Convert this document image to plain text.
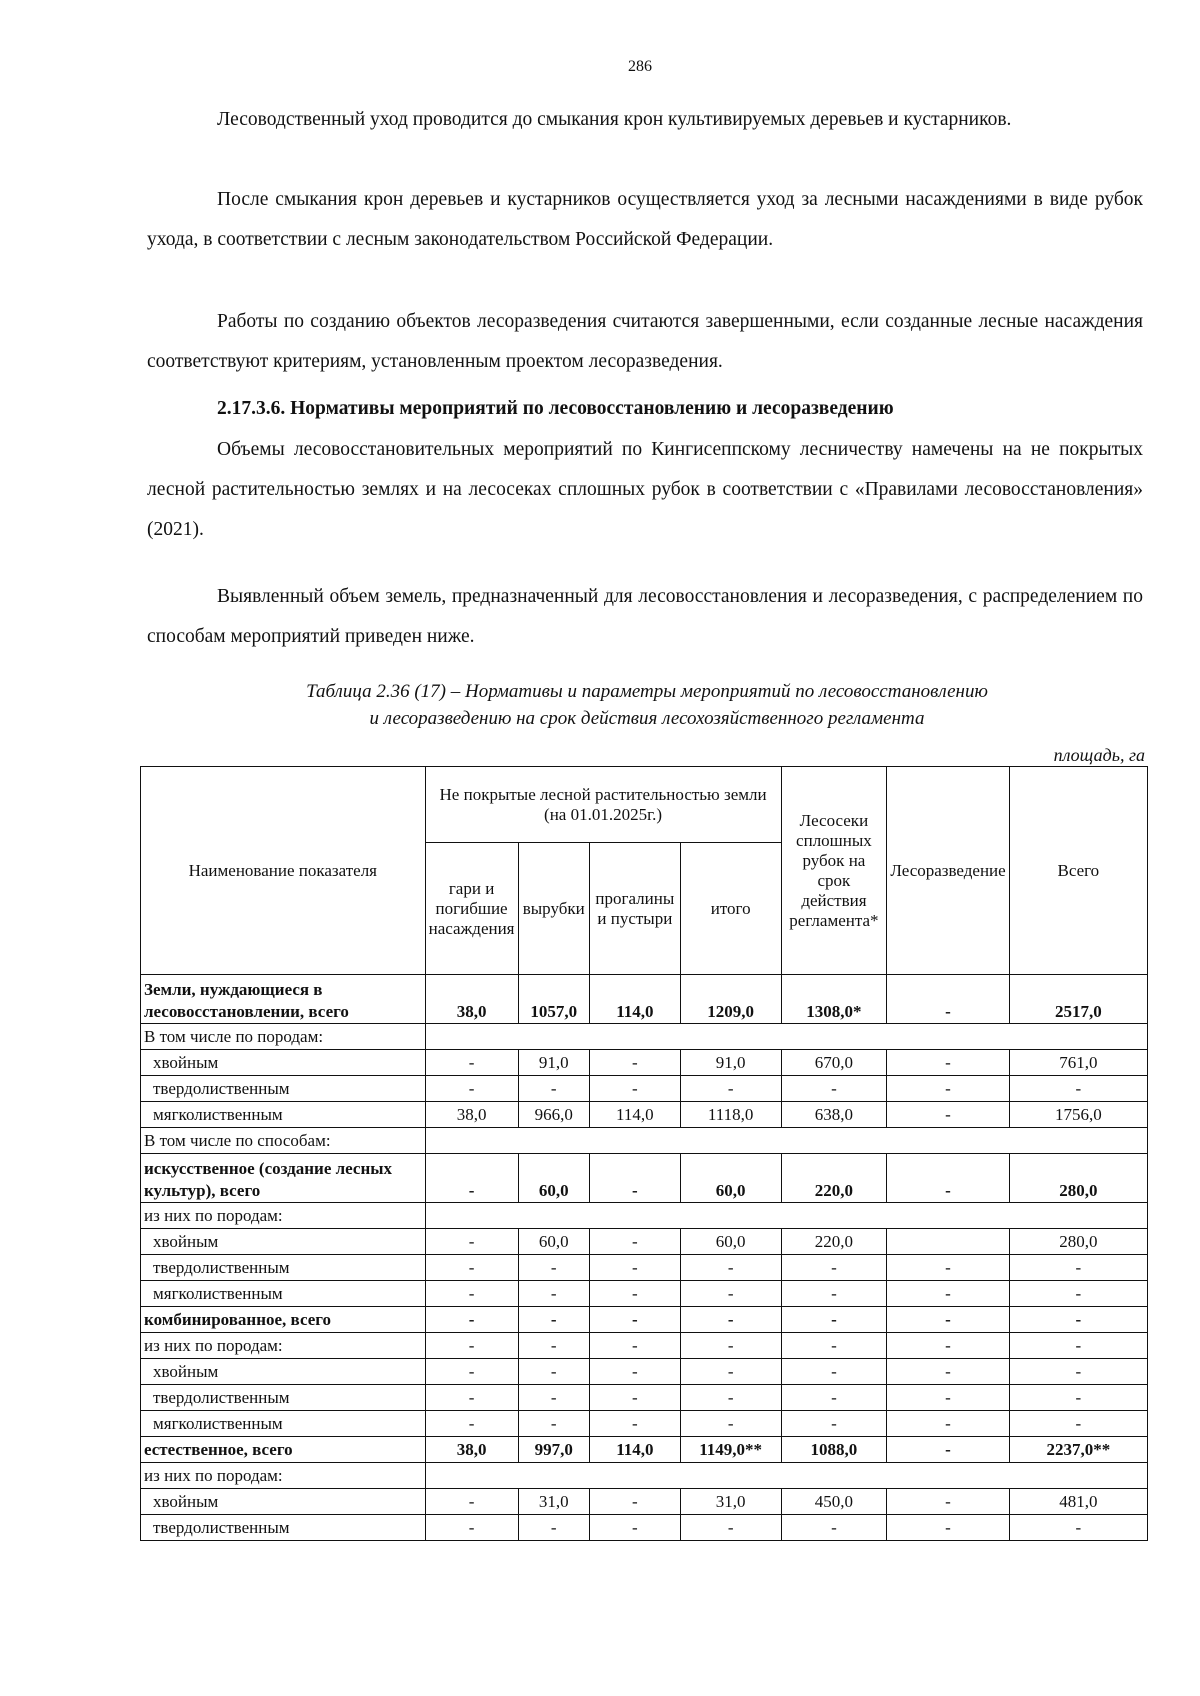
286
Лесоводственный уход проводится до смыкания крон культивируемых деревьев и кустарников.
После смыкания крон деревьев и кустарников осуществляется уход за лесными насаждениями в виде рубок ухода, в соответствии с лесным законодательством Российской Федерации.
Работы по созданию объектов лесоразведения считаются завершенными, если созданные лесные насаждения соответствуют критериям, установленным проектом лесоразведения.
2.17.3.6. Нормативы мероприятий по лесовосстановлению и лесоразведению
Объемы лесовосстановительных мероприятий по Кингисеппскому лесничеству намечены на не покрытых лесной растительностью землях и на лесосеках сплошных рубок в соответствии с «Правилами лесовосстановления» (2021).
Выявленный объем земель, предназначенный для лесовосстановления и лесоразведения, с распределением по способам мероприятий приведен ниже.
Таблица 2.36 (17) – Нормативы и параметры мероприятий по лесовосстановлению
и лесоразведению на срок действия лесохозяйственного регламента
площадь, га
Наименование показателя	Не покрытые лесной растительностью земли (на 01.01.2025г.)				Лесосеки сплошных рубок на срок действия регламента*	Лесоразведение	Всего
	гари и погибшие насаждения	вырубки	прогалины и пустыри	итого			
Земли, нуждающиеся в лесовосстановлении, всего	38,0	1057,0	114,0	1209,0	1308,0*	-	2517,0
В том числе по породам:							
хвойным	-	91,0	-	91,0	670,0	-	761,0
твердолиственным	-	-	-	-	-	-	-
мягколиственным	38,0	966,0	114,0	1118,0	638,0	-	1756,0
В том числе по способам:							
искусственное (создание лесных культур), всего	-	60,0	-	60,0	220,0	-	280,0
из них по породам:							
хвойным	-	60,0	-	60,0	220,0		280,0
твердолиственным	-	-	-	-	-	-	-
мягколиственным	-	-	-	-	-	-	-
комбинированное, всего	-	-	-	-	-	-	-
из них по породам:	-	-	-	-	-	-	-
хвойным	-	-	-	-	-	-	-
твердолиственным	-	-	-	-	-	-	-
мягколиственным	-	-	-	-	-	-	-
естественное, всего	38,0	997,0	114,0	1149,0**	1088,0	-	2237,0**
из них по породам:							
хвойным	-	31,0	-	31,0	450,0	-	481,0
твердолиственным	-	-	-	-	-	-	-
